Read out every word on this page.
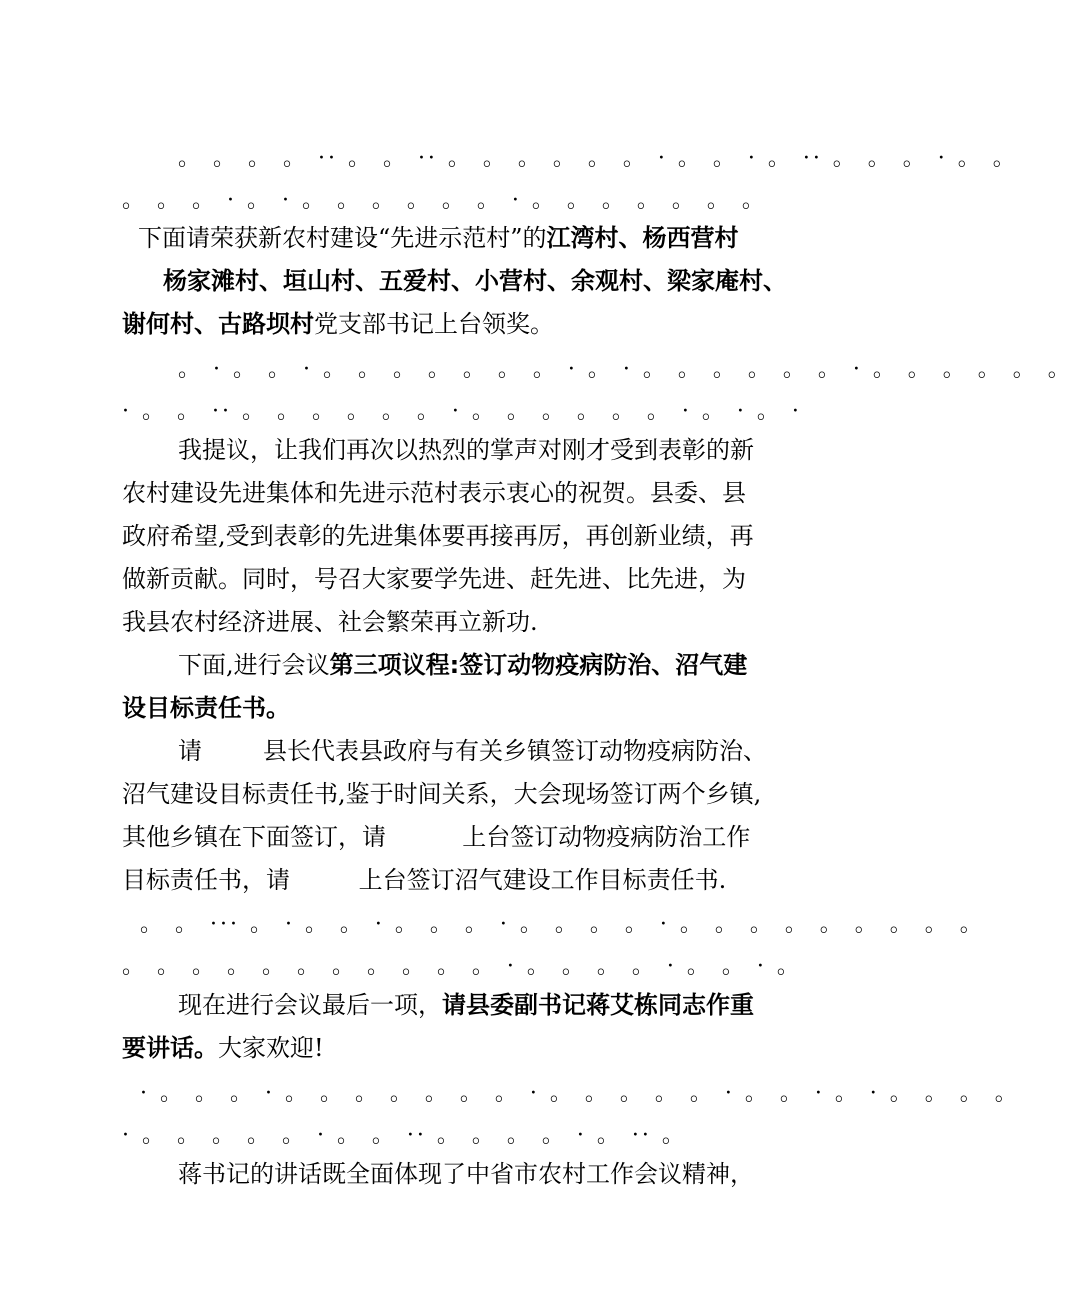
。 。 。 。 ·· 。 。 ·· 。 。 。 。 。 。 · 。 。 · 。 ·· 。 。 。 · 。 。
。 。 。 · 。 · 。 。 。 。 。 。 · 。 。 。 。 。 。 。
下面请荣获新农村建设“先进示范村”的江湾村、杨西营村
杨家滩村、垣山村、五爱村、小营村、余观村、梁家庵村、
谢何村、古路坝村党支部书记上台领奖。
。 · 。 。 · 。 。 。 。 。 。 。 · 。 · 。 。 。 。 。 。 · 。 。 。 。 。 。
· 。 。 ·· 。 。 。 。 。 。 · 。 。 。 。 。 。 · 。 · 。 ·
我提议，让我们再次以热烈的掌声对刚才受到表彰的新
农村建设先进集体和先进示范村表示衷心的祝贺。县委、县
政府希望,受到表彰的先进集体要再接再厉，再创新业绩，再
做新贡献。同时，号召大家要学先进、赶先进、比先进，为
我县农村经济进展、社会繁荣再立新功.
下面,进行会议第三项议程:签订动物疫病防治、沼气建
设目标责任书。
请        县长代表县政府与有关乡镇签订动物疫病防治、
沼气建设目标责任书,鉴于时间关系，大会现场签订两个乡镇,
其他乡镇在下面签订，请          上台签订动物疫病防治工作
目标责任书，请         上台签订沼气建设工作目标责任书.
。 。 ··· 。 · 。 。 · 。 。 。 · 。 。 。 。 · 。 。 。 。 。 。 。 。 。
。 。 。 。 。 。 。 。 。 。 。 · 。 。 。 。 · 。 。 · 。
现在进行会议最后一项，请县委副书记蒋艾栋同志作重
要讲话。大家欢迎!
· 。 。 。 · 。 。 。 。 。 。 。 · 。 。 。 。 。 · 。 。 · 。 · 。 。 。 。
· 。 。 。 。 。 · 。 。 ·· 。 。 。 。 · 。 ·· 。
蒋书记的讲话既全面体现了中省市农村工作会议精神，
